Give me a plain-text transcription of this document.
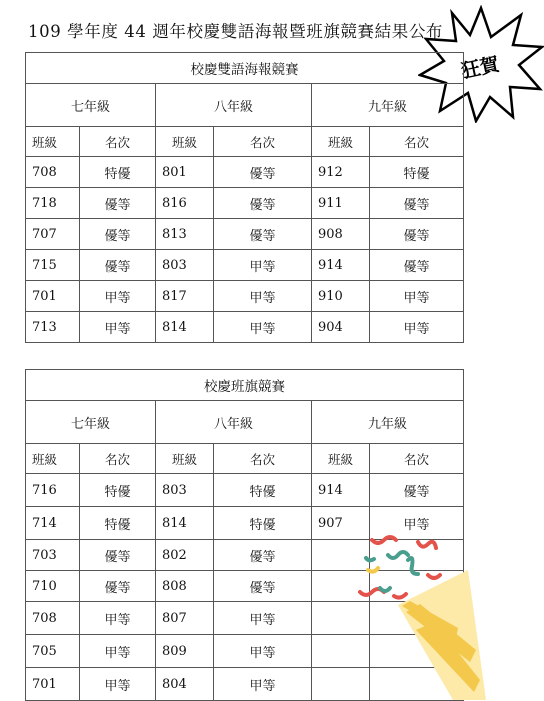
109 學年度 44 週年校慶雙語海報暨班旗競賽結果公布
狂賀
校慶雙語海報競賽					
七年級		八年級		九年級	
班級	名次	班級	名次	班級	名次
708	特優	801	優等	912	特優
718	優等	816	優等	911	優等
707	優等	813	優等	908	優等
715	優等	803	甲等	914	優等
701	甲等	817	甲等	910	甲等
713	甲等	814	甲等	904	甲等
校慶班旗競賽					
七年級		八年級		九年級	
班級	名次	班級	名次	班級	名次
716	特優	803	特優	914	優等
714	特優	814	特優	907	甲等
703	優等	802	優等		
710	優等	808	優等		
708	甲等	807	甲等		
705	甲等	809	甲等		
701	甲等	804	甲等		
